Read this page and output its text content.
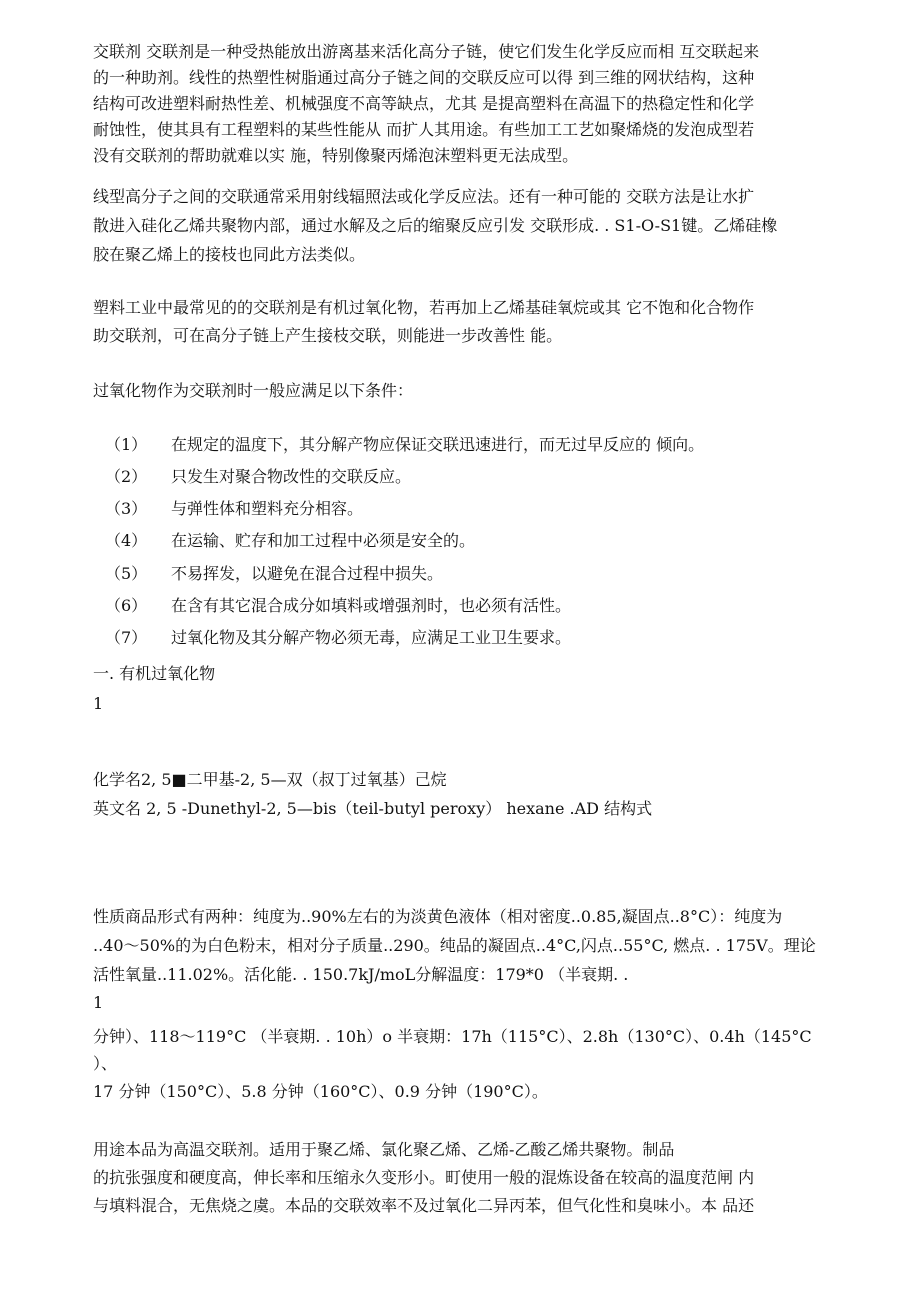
交联剂 交联剂是一种受热能放出游离基来活化高分子链，使它们发生化学反应而相 互交联起来
的一种助剂。线性的热塑性树脂通过高分子链之间的交联反应可以得 到三维的网状结构，这种
结构可改进塑料耐热性差、机械强度不高等缺点，尤其 是提高塑料在高温下的热稳定性和化学
耐蚀性，使其具有工程塑料的某些性能从 而扩人其用途。有些加工工艺如聚烯烧的发泡成型若
没有交联剂的帮助就难以实 施，特别像聚丙烯泡沫塑料更无法成型。
线型高分子之间的交联通常采用射线辐照法或化学反应法。还有一种可能的 交联方法是让水扩
散进入硅化乙烯共聚物内部，通过水解及之后的缩聚反应引发 交联形成. . S1-O-S1键。乙烯硅橡
胶在聚乙烯上的接枝也同此方法类似。
塑料工业中最常见的的交联剂是有机过氧化物，若再加上乙烯基硅氧烷或其 它不饱和化合物作
助交联剂，可在高分子链上产生接枝交联，则能进一步改善性 能。
过氧化物作为交联剂时一般应满足以下条件：
（1） 在规定的温度下，其分解产物应保证交联迅速进行，而无过早反应的 倾向。
（2） 只发生对聚合物改性的交联反应。
（3） 与弹性体和塑料充分相容。
（4） 在运输、贮存和加工过程中必须是安全的。
（5） 不易挥发，以避免在混合过程中损失。
（6） 在含有其它混合成分如填料或增强剂时，也必须有活性。
（7） 过氧化物及其分解产物必须无毒，应满足工业卫生要求。
一. 有机过氧化物
1
化学名2, 5■二甲基-2, 5—双（叔丁过氧基）己烷
英文名 2, 5 -Dunethyl-2, 5—bis（teil-butyl peroxy） hexane .AD 结构式
性质商品形式有两种：纯度为..90%左右的为淡黄色液体（相对密度..0.85,凝固点..8°C）：纯度为
..40～50%的为白色粉末，相对分子质量..290。纯品的凝固点..4°C,闪点..55°C, 燃点. . 175V。理论
活性氧量..11.02%。活化能. . 150.7kJ/moL分解温度：179*0 （半衰期. .
1
分钟）、118～119°C （半衰期. . 10h）o 半衰期：17h（115°C）、2.8h（130°C）、0.4h（145°C
）、
17 分钟（150°C）、5.8 分钟（160°C）、0.9 分钟（190°C）。
用途本品为高温交联剂。适用于聚乙烯、氯化聚乙烯、乙烯-乙酸乙烯共聚物。制品
的抗张强度和硬度高，伸长率和压缩永久变形小。町使用一般的混炼设备在较高的温度范闸 内
与填料混合，无焦烧之虞。本品的交联效率不及过氧化二异丙苯，但气化性和臭味小。本 品还
